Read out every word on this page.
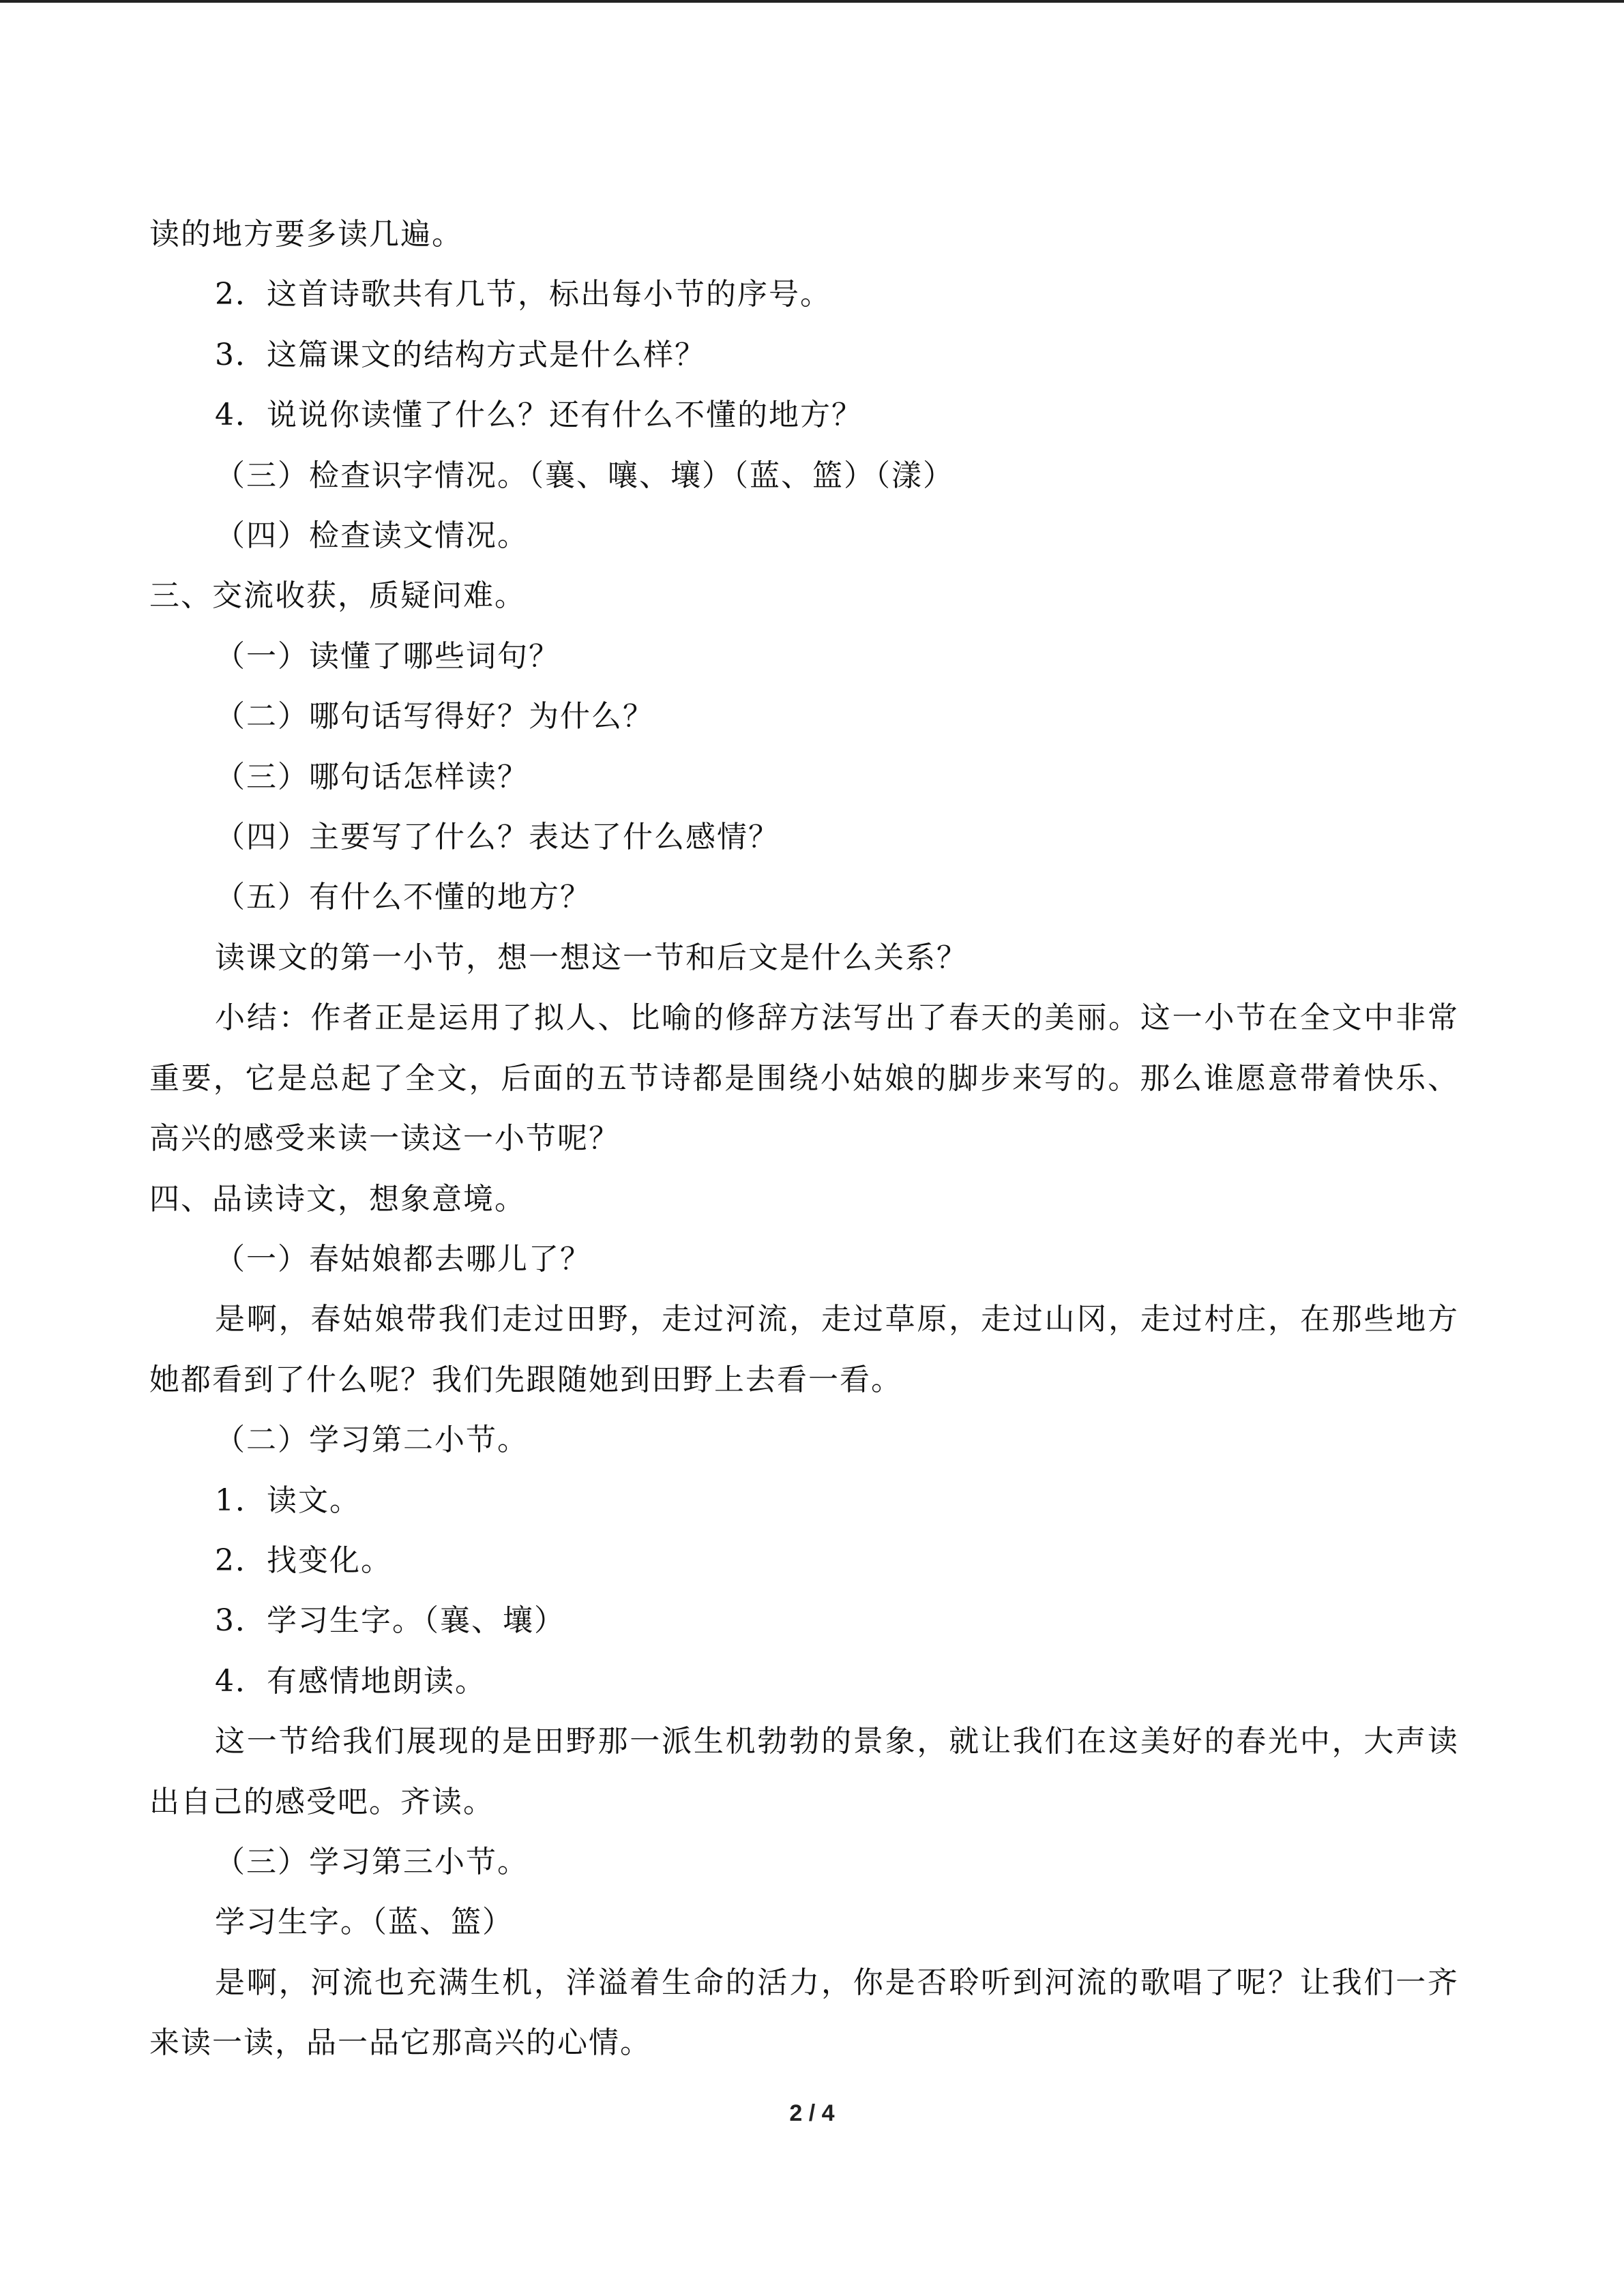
读的地方要多读几遍。

2．这首诗歌共有几节，标出每小节的序号。

3．这篇课文的结构方式是什么样？

4．说说你读懂了什么？还有什么不懂的地方？

（三）检查识字情况。（襄、嚷、壤）（蓝、篮）（漾）

（四）检查读文情况。

三、交流收获，质疑问难。

（一）读懂了哪些词句？

（二）哪句话写得好？为什么？

（三）哪句话怎样读？

（四）主要写了什么？表达了什么感情？

（五）有什么不懂的地方？

读课文的第一小节，想一想这一节和后文是什么关系？

小结：作者正是运用了拟人、比喻的修辞方法写出了春天的美丽。这一小节在全文中非常重要，它是总起了全文，后面的五节诗都是围绕小姑娘的脚步来写的。那么谁愿意带着快乐、高兴的感受来读一读这一小节呢？

四、品读诗文，想象意境。

（一）春姑娘都去哪儿了？

是啊，春姑娘带我们走过田野，走过河流，走过草原，走过山冈，走过村庄，在那些地方她都看到了什么呢？我们先跟随她到田野上去看一看。

（二）学习第二小节。

1．读文。

2．找变化。

3．学习生字。（襄、壤）

4．有感情地朗读。

这一节给我们展现的是田野那一派生机勃勃的景象，就让我们在这美好的春光中，大声读出自己的感受吧。齐读。

（三）学习第三小节。

学习生字。（蓝、篮）

是啊，河流也充满生机，洋溢着生命的活力，你是否聆听到河流的歌唱了呢？让我们一齐来读一读，品一品它那高兴的心情。

2 / 4
